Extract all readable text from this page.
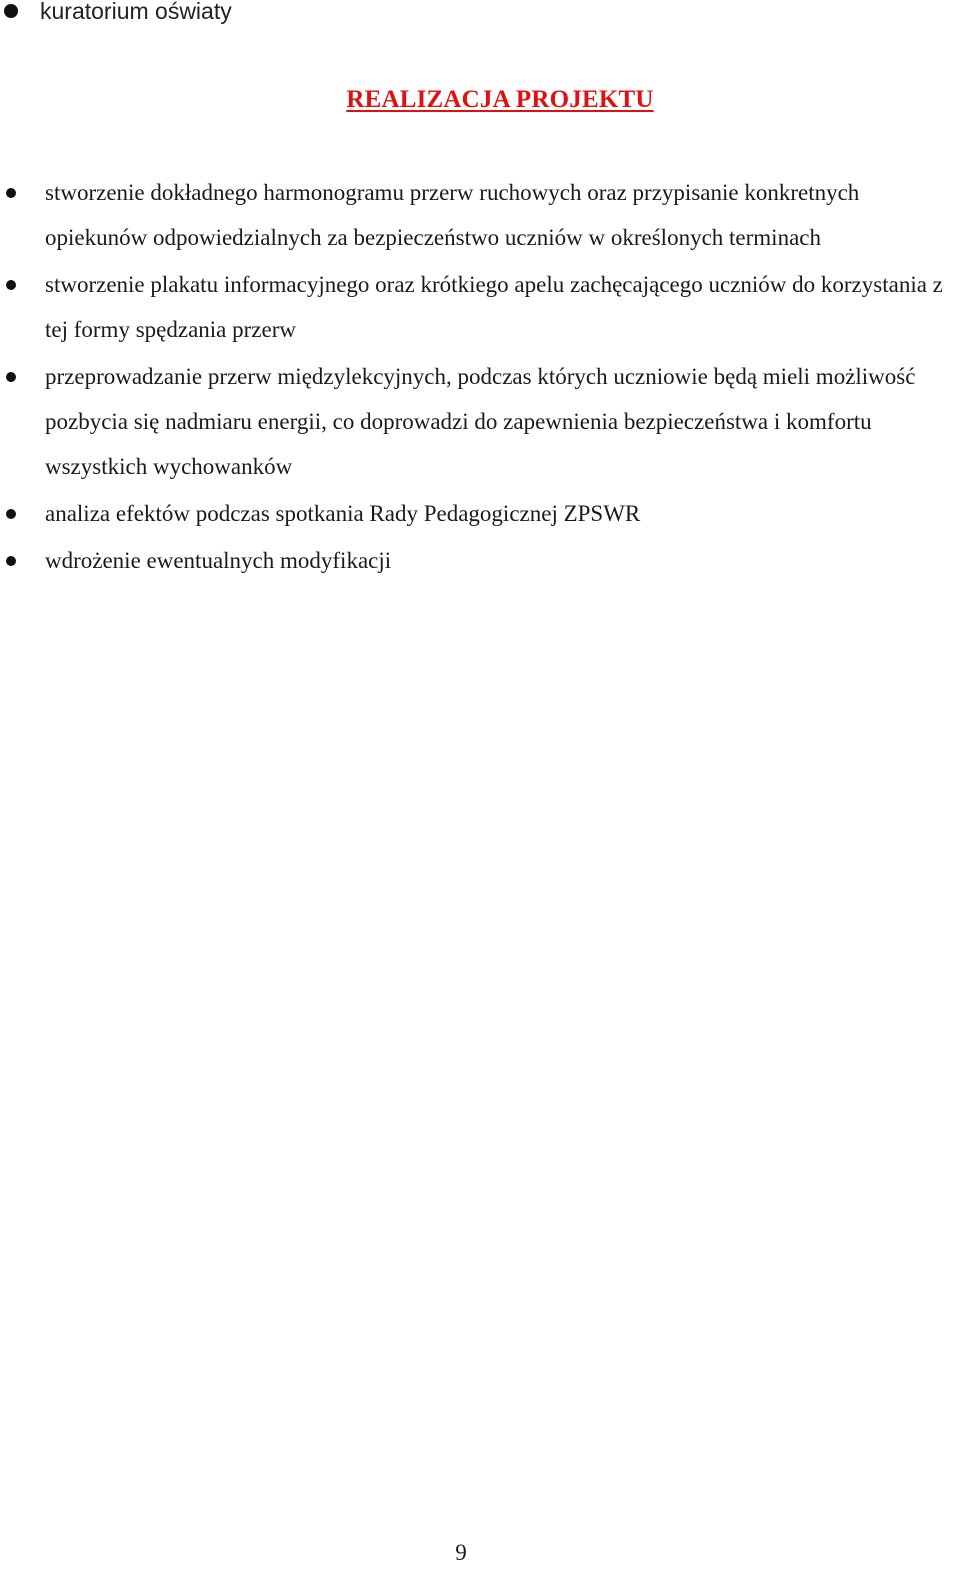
kuratorium oświaty
REALIZACJA PROJEKTU
stworzenie dokładnego harmonogramu przerw ruchowych oraz przypisanie konkretnych opiekunów odpowiedzialnych za bezpieczeństwo uczniów w określonych terminach
stworzenie plakatu informacyjnego oraz krótkiego apelu zachęcającego uczniów do korzystania z tej formy spędzania przerw
przeprowadzanie przerw międzylekcyjnych, podczas których uczniowie będą mieli możliwość pozbycia się nadmiaru energii, co doprowadzi do zapewnienia bezpieczeństwa i komfortu wszystkich wychowanków
analiza efektów podczas spotkania Rady Pedagogicznej ZPSWR
wdrożenie ewentualnych modyfikacji
9
